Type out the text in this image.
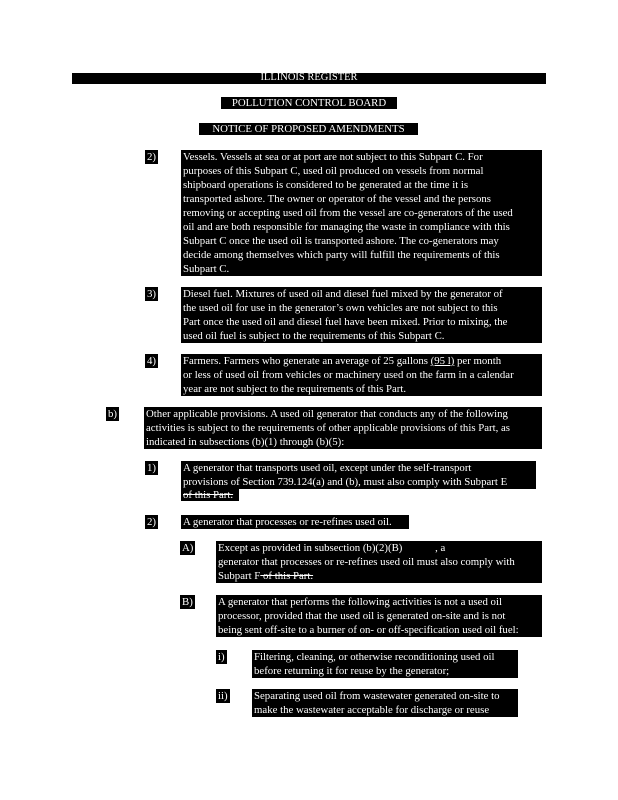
ILLINOIS REGISTER
POLLUTION CONTROL BOARD
NOTICE OF PROPOSED AMENDMENTS
2)	Vessels. Vessels at sea or at port are not subject to this Subpart C. For
purposes of this Subpart C, used oil produced on vessels from normal
shipboard operations is considered to be generated at the time it is
transported ashore. The owner or operator of the vessel and the persons
removing or accepting used oil from the vessel are co-generators of the used
oil and are both responsible for managing the waste in compliance with this
Subpart C once the used oil is transported ashore. The co-generators may
decide among themselves which party will fulfill the requirements of this
Subpart C.
3)	Diesel fuel. Mixtures of used oil and diesel fuel mixed by the generator of
the used oil for use in the generator’s own vehicles are not subject to this
Part once the used oil and diesel fuel have been mixed. Prior to mixing, the
used oil fuel is subject to the requirements of this Subpart C.
4)	Farmers. Farmers who generate an average of 25 gallons (95 l) per month
or less of used oil from vehicles or machinery used on the farm in a calendar
year are not subject to the requirements of this Part.
b)	Other applicable provisions. A used oil generator that conducts any of the following
activities is subject to the requirements of other applicable provisions of this Part, as
indicated in subsections (b)(1) through (b)(5):
1)	A generator that transports used oil, except under the self-transport
provisions of Section 739.124(a) and (b), must also comply with Subpart E
of this Part.
2)	A generator that processes or re-refines used oil.
A) Except as provided in subsection (b)(2)(B)	, a
generator that processes or re-refines used oil must also comply with
Subpart F of this Part.
B) A generator that performs the following activities is not a used oil
processor, provided that the used oil is generated on-site and is not
being sent off-site to a burner of on- or off-specification used oil fuel:
i)	Filtering, cleaning, or otherwise reconditioning used oil
before returning it for reuse by the generator;
ii) Separating used oil from wastewater generated on-site to
make the wastewater acceptable for discharge or reuse
